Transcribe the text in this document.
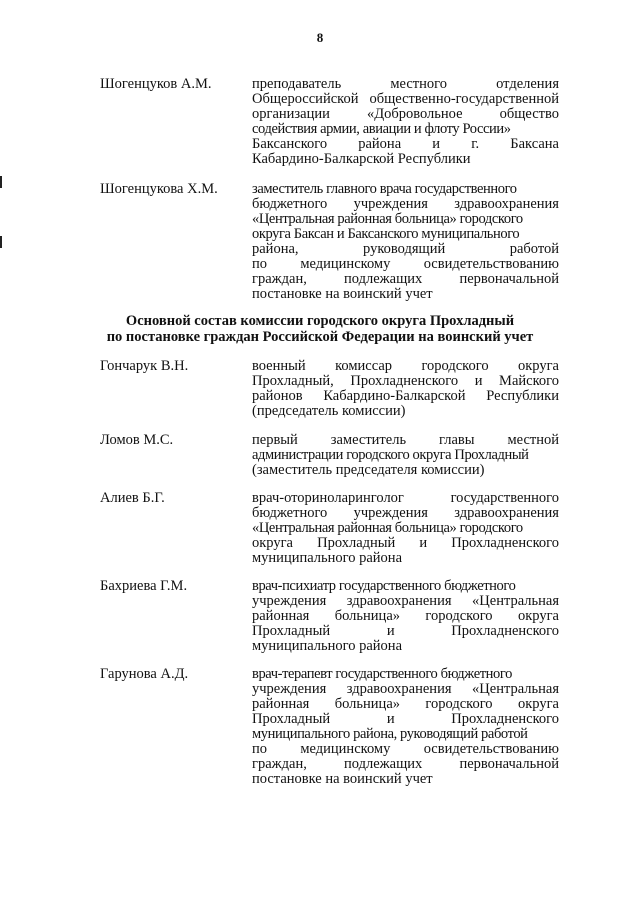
8
Шогенцуков А.М.	преподаватель	местного	отделения
Общероссийской общественно-государственной
организации	«Добровольное	общество
содействия армии, авиации и флоту России»
Баксанского района и г. Баксана
Кабардино-Балкарской Республики
Шогенцукова Х.М. заместитель главного врача государственного
бюджетного учреждения здравоохранения
«Центральная районная больница» городского
округа Баксан и Баксанского муниципального
района,	руководящий	работой
по медицинскому освидетельствованию
граждан,	подлежащих	первоначальной
постановке на воинский учет
Основной состав комиссии городского округа Прохладный
по постановке граждан Российской Федерации на воинский учет
Гончарук В.Н.	военный комиссар городского округа
Прохладный, Прохладненского и Майского
районов Кабардино-Балкарской Республики
(председатель комиссии)
Ломов М.С.	первый заместитель главы местной
администрации городского округа Прохладный
(заместитель председателя комиссии)
Алиев Б.Г.	врач-оториноларинголог	государственного
бюджетного учреждения здравоохранения
«Центральная районная больница» городского
округа Прохладный и Прохладненского
муниципального района
Бахриева Г.М.	врач-психиатр государственного бюджетного
учреждения здравоохранения «Центральная
районная больница» городского округа
Прохладный	и	Прохладненского
муниципального района
Гарунова А.Д.	врач-терапевт государственного бюджетного
учреждения здравоохранения «Центральная
районная больница» городского округа
Прохладный	и	Прохладненского
муниципального района, руководящий работой
по медицинскому освидетельствованию
граждан,	подлежащих	первоначальной
постановке на воинский учет
